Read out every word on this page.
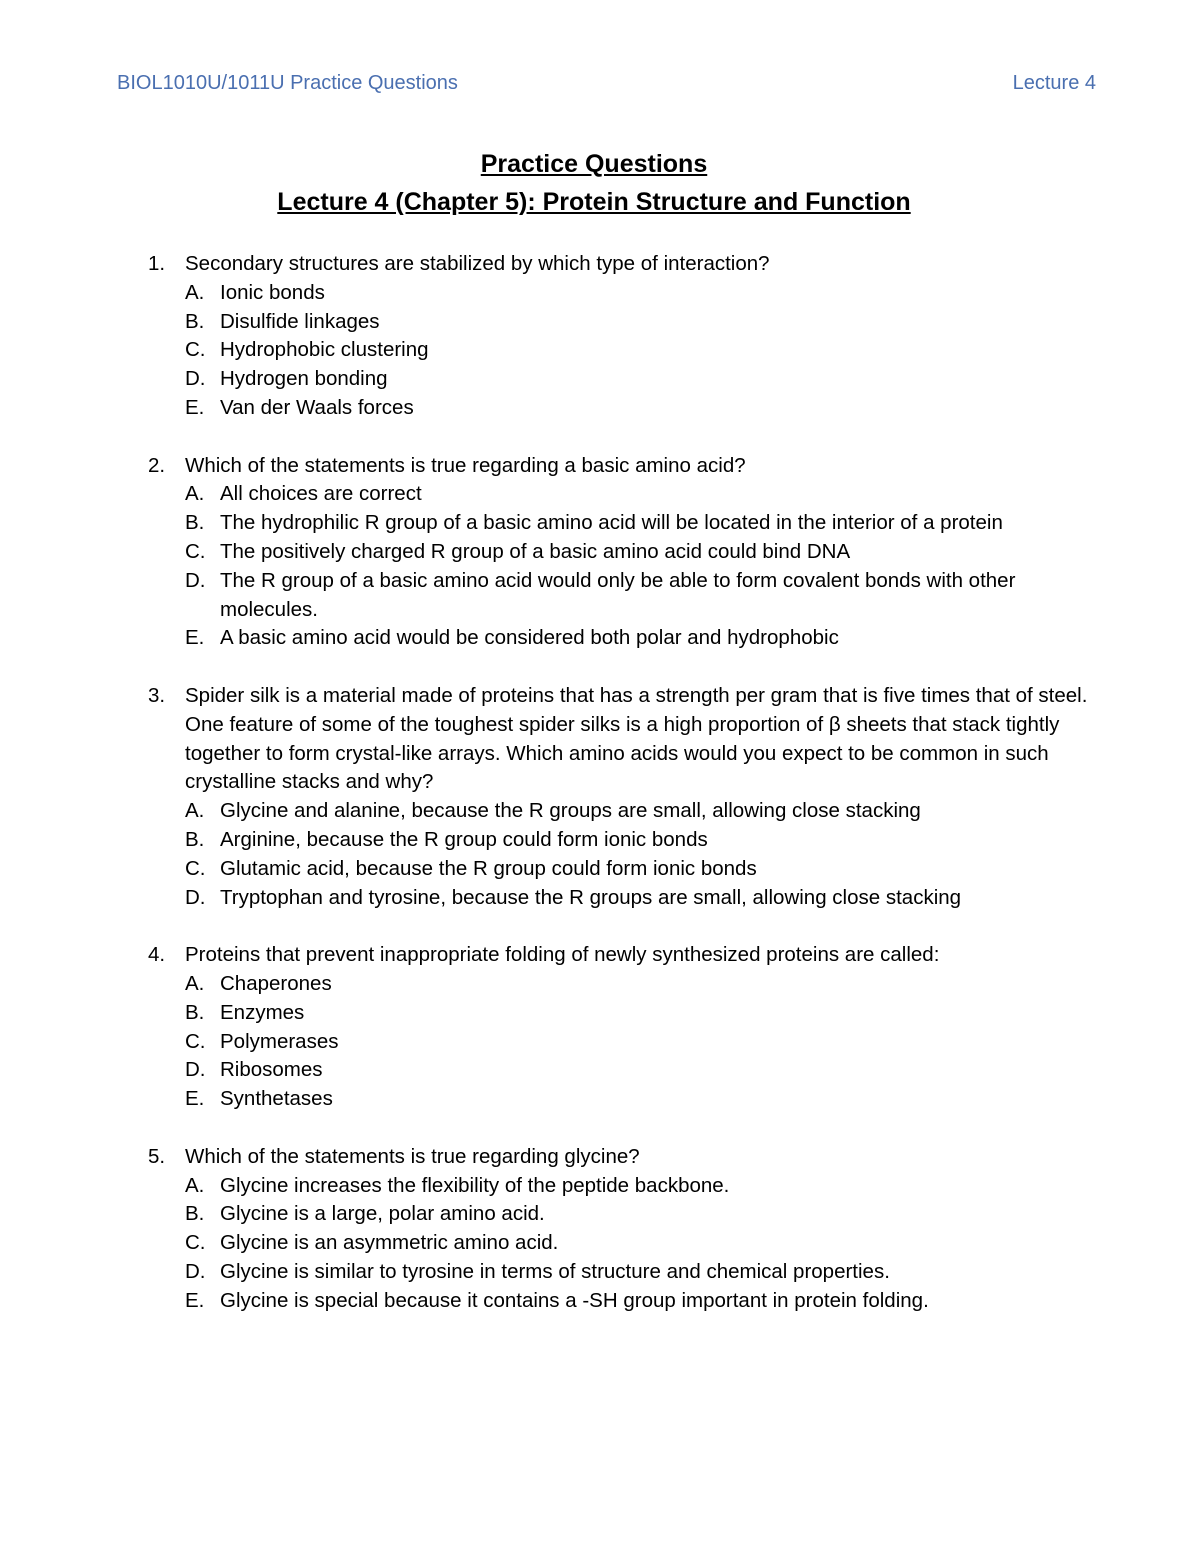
BIOL1010U/1011U Practice Questions	Lecture 4
Practice Questions
Lecture 4 (Chapter 5): Protein Structure and Function
1. Secondary structures are stabilized by which type of interaction?
A. Ionic bonds
B. Disulfide linkages
C. Hydrophobic clustering
D. Hydrogen bonding
E. Van der Waals forces
2. Which of the statements is true regarding a basic amino acid?
A. All choices are correct
B. The hydrophilic R group of a basic amino acid will be located in the interior of a protein
C. The positively charged R group of a basic amino acid could bind DNA
D. The R group of a basic amino acid would only be able to form covalent bonds with other molecules.
E. A basic amino acid would be considered both polar and hydrophobic
3. Spider silk is a material made of proteins that has a strength per gram that is five times that of steel. One feature of some of the toughest spider silks is a high proportion of β sheets that stack tightly together to form crystal-like arrays. Which amino acids would you expect to be common in such crystalline stacks and why?
A. Glycine and alanine, because the R groups are small, allowing close stacking
B. Arginine, because the R group could form ionic bonds
C. Glutamic acid, because the R group could form ionic bonds
D. Tryptophan and tyrosine, because the R groups are small, allowing close stacking
4. Proteins that prevent inappropriate folding of newly synthesized proteins are called:
A. Chaperones
B. Enzymes
C. Polymerases
D. Ribosomes
E. Synthetases
5. Which of the statements is true regarding glycine?
A. Glycine increases the flexibility of the peptide backbone.
B. Glycine is a large, polar amino acid.
C. Glycine is an asymmetric amino acid.
D. Glycine is similar to tyrosine in terms of structure and chemical properties.
E. Glycine is special because it contains a -SH group important in protein folding.
